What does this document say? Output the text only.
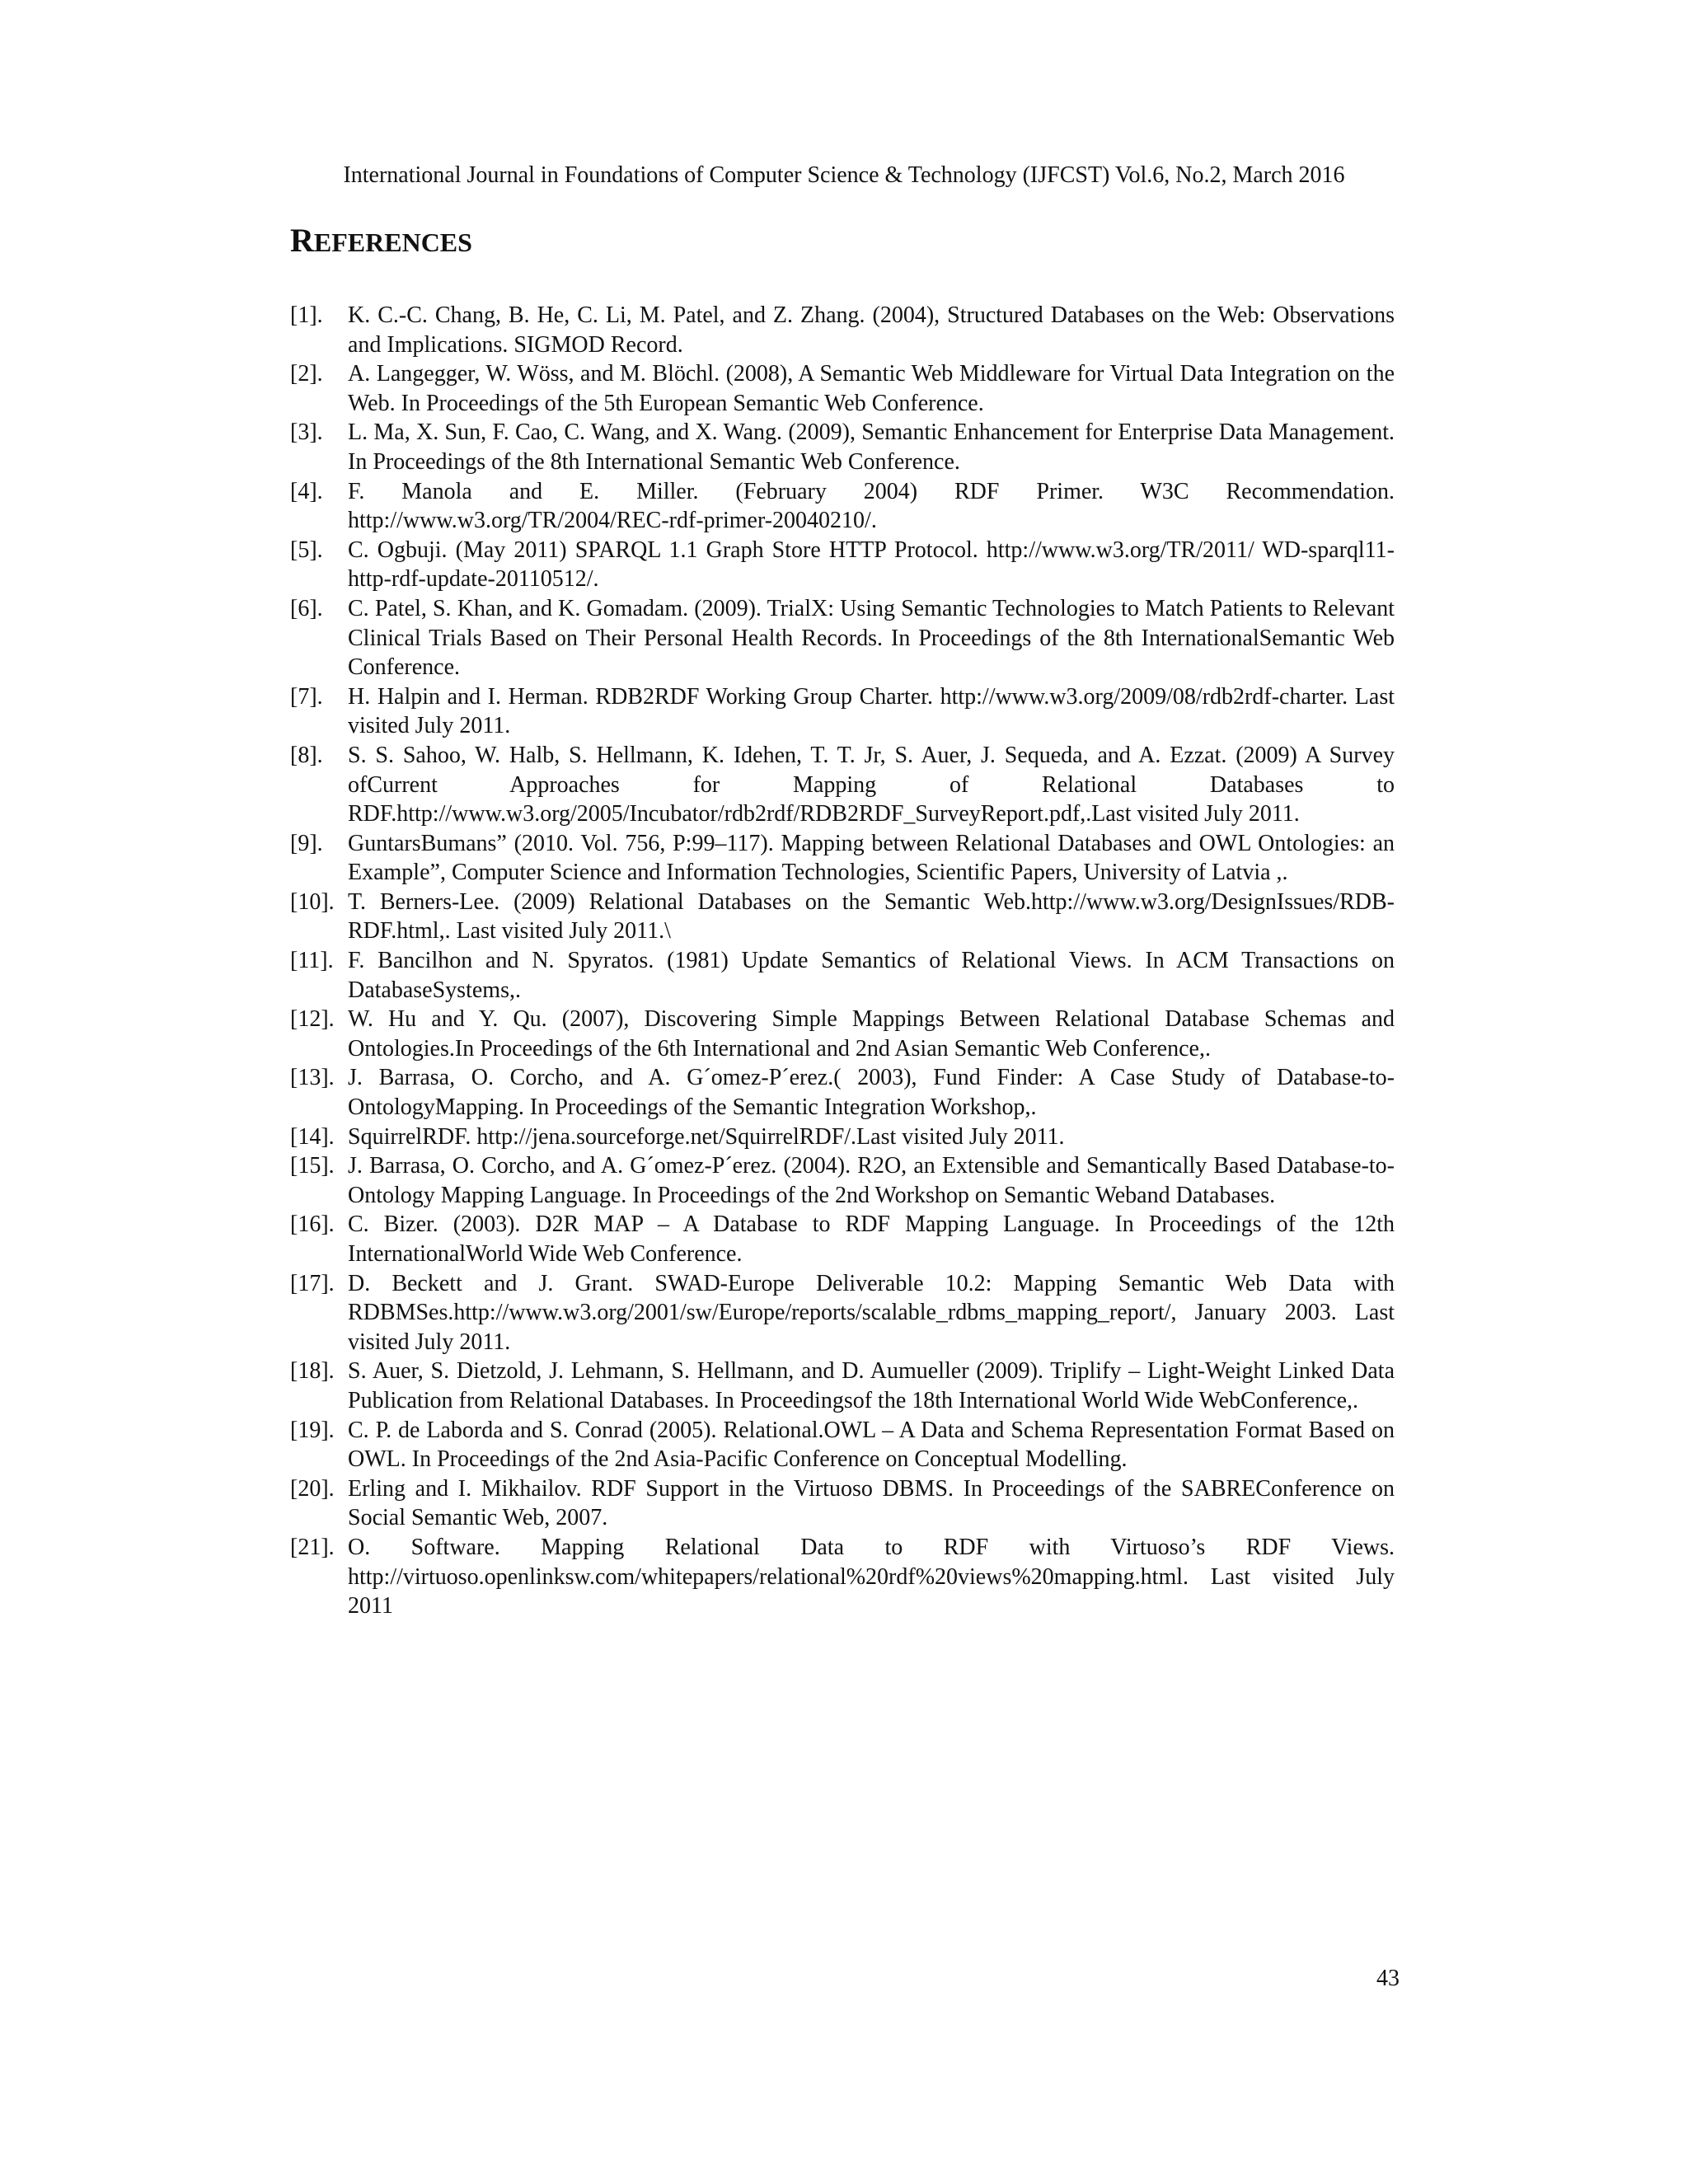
International Journal in Foundations of Computer Science & Technology (IJFCST) Vol.6, No.2, March 2016
REFERENCES
[1].	K. C.-C. Chang, B. He, C. Li, M. Patel, and Z. Zhang. (2004), Structured Databases on the Web: Observations and Implications. SIGMOD Record.
[2].	A. Langegger, W. Wöss, and M. Blöchl. (2008), A Semantic Web Middleware for Virtual Data Integration on the Web. In Proceedings of the 5th European Semantic Web Conference.
[3].	L. Ma, X. Sun, F. Cao, C. Wang, and X. Wang. (2009), Semantic Enhancement for Enterprise Data Management. In Proceedings of the 8th International Semantic Web Conference.
[4].	F. Manola and E. Miller. (February 2004) RDF Primer. W3C Recommendation. http://www.w3.org/TR/2004/REC-rdf-primer-20040210/.
[5].	C. Ogbuji. (May 2011) SPARQL 1.1 Graph Store HTTP Protocol. http://www.w3.org/TR/2011/ WD-sparql11-http-rdf-update-20110512/.
[6].	C. Patel, S. Khan, and K. Gomadam. (2009). TrialX: Using Semantic Technologies to Match Patients to Relevant Clinical Trials Based on Their Personal Health Records. In Proceedings of the 8th InternationalSemantic Web Conference.
[7].	H. Halpin and I. Herman. RDB2RDF Working Group Charter. http://www.w3.org/2009/08/rdb2rdf-charter. Last visited July 2011.
[8].	S. S. Sahoo, W. Halb, S. Hellmann, K. Idehen, T. T. Jr, S. Auer, J. Sequeda, and A. Ezzat. (2009) A Survey ofCurrent Approaches for Mapping of Relational Databases to RDF.http://www.w3.org/2005/Incubator/rdb2rdf/RDB2RDF_SurveyReport.pdf,.Last visited July 2011.
[9].	GuntarsBumans” (2010. Vol. 756, P:99–117). Mapping between Relational Databases and OWL Ontologies: an Example”, Computer Science and Information Technologies, Scientific Papers, University of Latvia ,.
[10]. T. Berners-Lee. (2009) Relational Databases on the Semantic Web.http://www.w3.org/DesignIssues/RDB-RDF.html,. Last visited July 2011.\
[11]. F. Bancilhon and N. Spyratos. (1981) Update Semantics of Relational Views. In ACM Transactions on DatabaseSystems,.
[12]. W. Hu and Y. Qu. (2007), Discovering Simple Mappings Between Relational Database Schemas and Ontologies.In Proceedings of the 6th International and 2nd Asian Semantic Web Conference,.
[13]. J. Barrasa, O. Corcho, and A. G´omez-P´erez.( 2003), Fund Finder: A Case Study of Database-to-OntologyMapping. In Proceedings of the Semantic Integration Workshop,.
[14]. SquirrelRDF. http://jena.sourceforge.net/SquirrelRDF/.Last visited July 2011.
[15]. J. Barrasa, O. Corcho, and A. G´omez-P´erez. (2004). R2O, an Extensible and Semantically Based Database-to-Ontology Mapping Language. In Proceedings of the 2nd Workshop on Semantic Weband Databases.
[16]. C. Bizer. (2003). D2R MAP – A Database to RDF Mapping Language. In Proceedings of the 12th InternationalWorld Wide Web Conference.
[17]. D. Beckett and J. Grant. SWAD-Europe Deliverable 10.2: Mapping Semantic Web Data with RDBMSes.http://www.w3.org/2001/sw/Europe/reports/scalable_rdbms_mapping_report/, January 2003. Last visited July 2011.
[18]. S. Auer, S. Dietzold, J. Lehmann, S. Hellmann, and D. Aumueller (2009). Triplify – Light-Weight Linked Data Publication from Relational Databases. In Proceedingsof the 18th International World Wide WebConference,.
[19]. C. P. de Laborda and S. Conrad (2005). Relational.OWL – A Data and Schema Representation Format Based on OWL. In Proceedings of the 2nd Asia-Pacific Conference on Conceptual Modelling.
[20]. Erling and I. Mikhailov. RDF Support in the Virtuoso DBMS. In Proceedings of the SABREConference on Social Semantic Web, 2007.
[21]. O. Software. Mapping Relational Data to RDF with Virtuoso’s RDF Views. http://virtuoso.openlinksw.com/whitepapers/relational%20rdf%20views%20mapping.html. Last visited July 2011
43
